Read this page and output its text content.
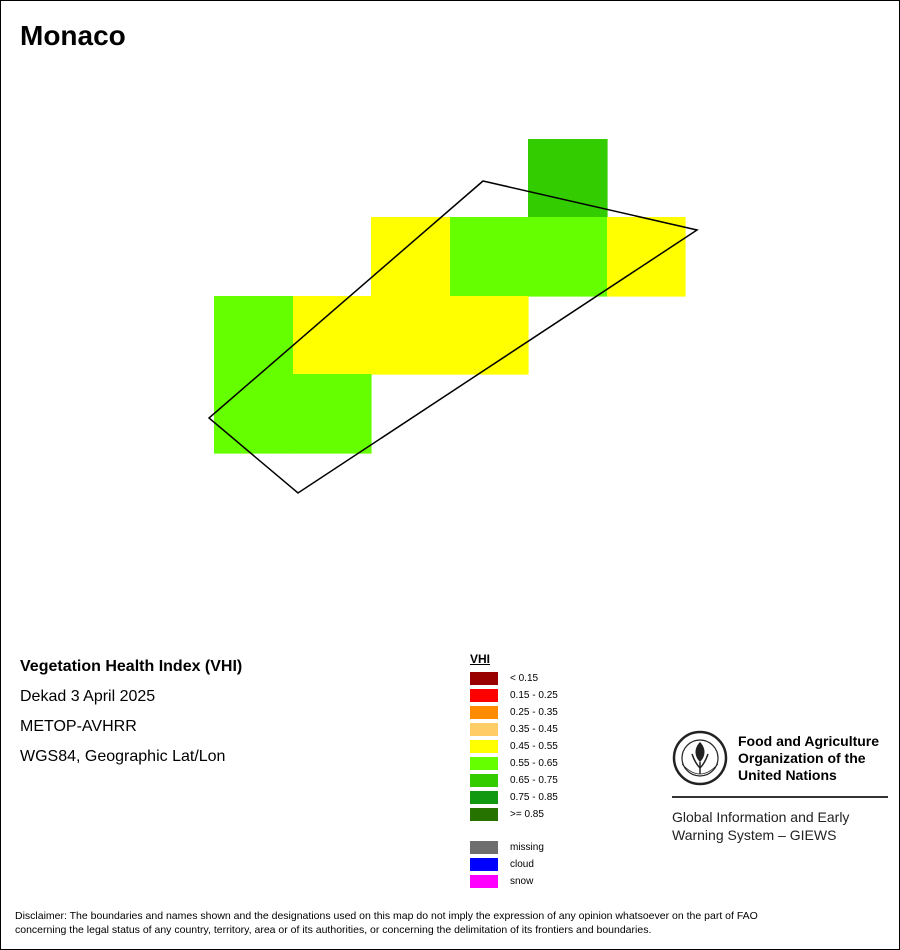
Monaco
Vegetation Health Index (VHI)
Dekad 3 April 2025
METOP-AVHRR
WGS84, Geographic Lat/Lon
VHI
< 0.15
0.15 - 0.25
0.25 - 0.35
0.35 - 0.45
0.45 - 0.55
0.55 - 0.65
0.65 - 0.75
0.75 - 0.85
>= 0.85
missing
cloud
snow
Food and Agriculture
Organization of the
United Nations
Global Information and Early
Warning System – GIEWS
Disclaimer: The boundaries and names shown and the designations used on this map do not imply the expression of any opinion whatsoever on the part of FAO
concerning the legal status of any country, territory, area or of its authorities, or concerning the delimitation of its frontiers and boundaries.
